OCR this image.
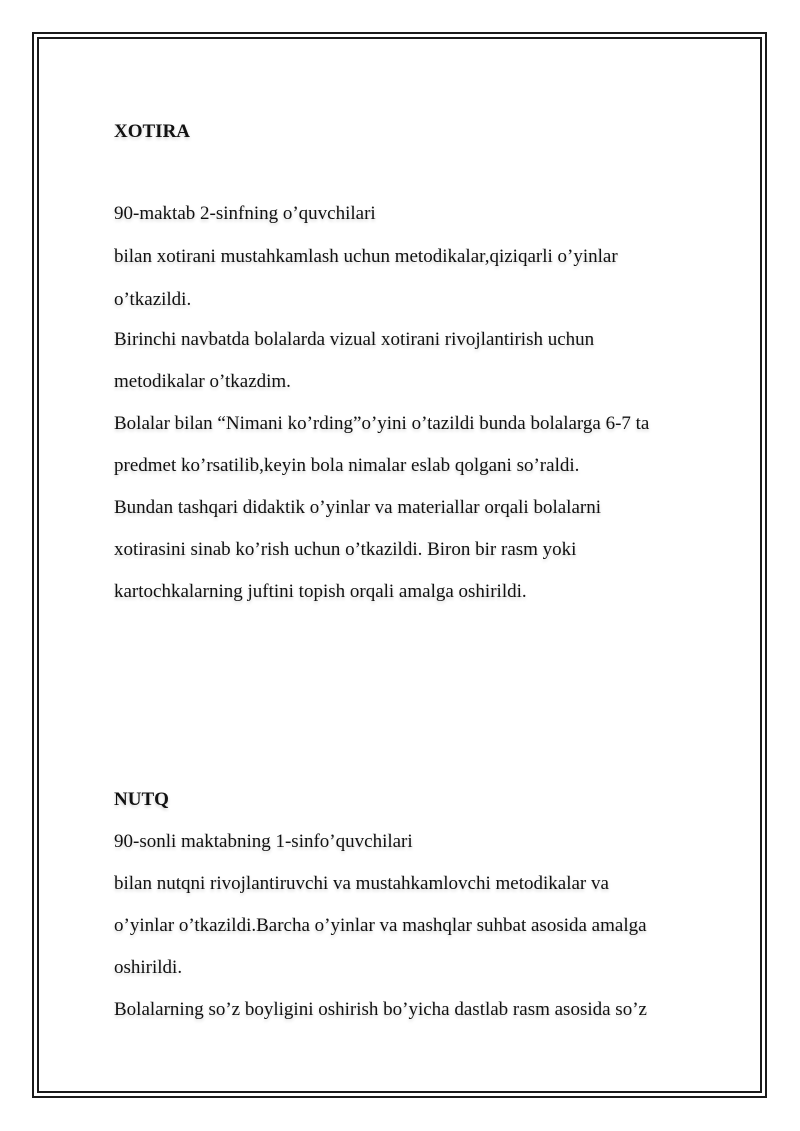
XOTIRA
90-maktab 2-sinfning o’quvchilari
bilan xotirani mustahkamlash uchun metodikalar,qiziqarli o’yinlar
o’tkazildi.
Birinchi navbatda bolalarda vizual xotirani rivojlantirish uchun
metodikalar o’tkazdim.
Bolalar bilan “Nimani ko’rding”o’yini o’tazildi bunda bolalarga 6-7 ta
predmet ko’rsatilib,keyin bola nimalar eslab qolgani so’raldi.
Bundan tashqari didaktik o’yinlar va materiallar orqali bolalarni
xotirasini sinab ko’rish uchun o’tkazildi. Biron bir rasm yoki
kartochkalarning juftini topish orqali amalga oshirildi.
NUTQ
90-sonli maktabning 1-sinfo’quvchilari
bilan nutqni rivojlantiruvchi va mustahkamlovchi metodikalar va
o’yinlar o’tkazildi.Barcha o’yinlar va mashqlar suhbat asosida amalga
oshirildi.
Bolalarning so’z boyligini oshirish bo’yicha dastlab rasm asosida so’z
